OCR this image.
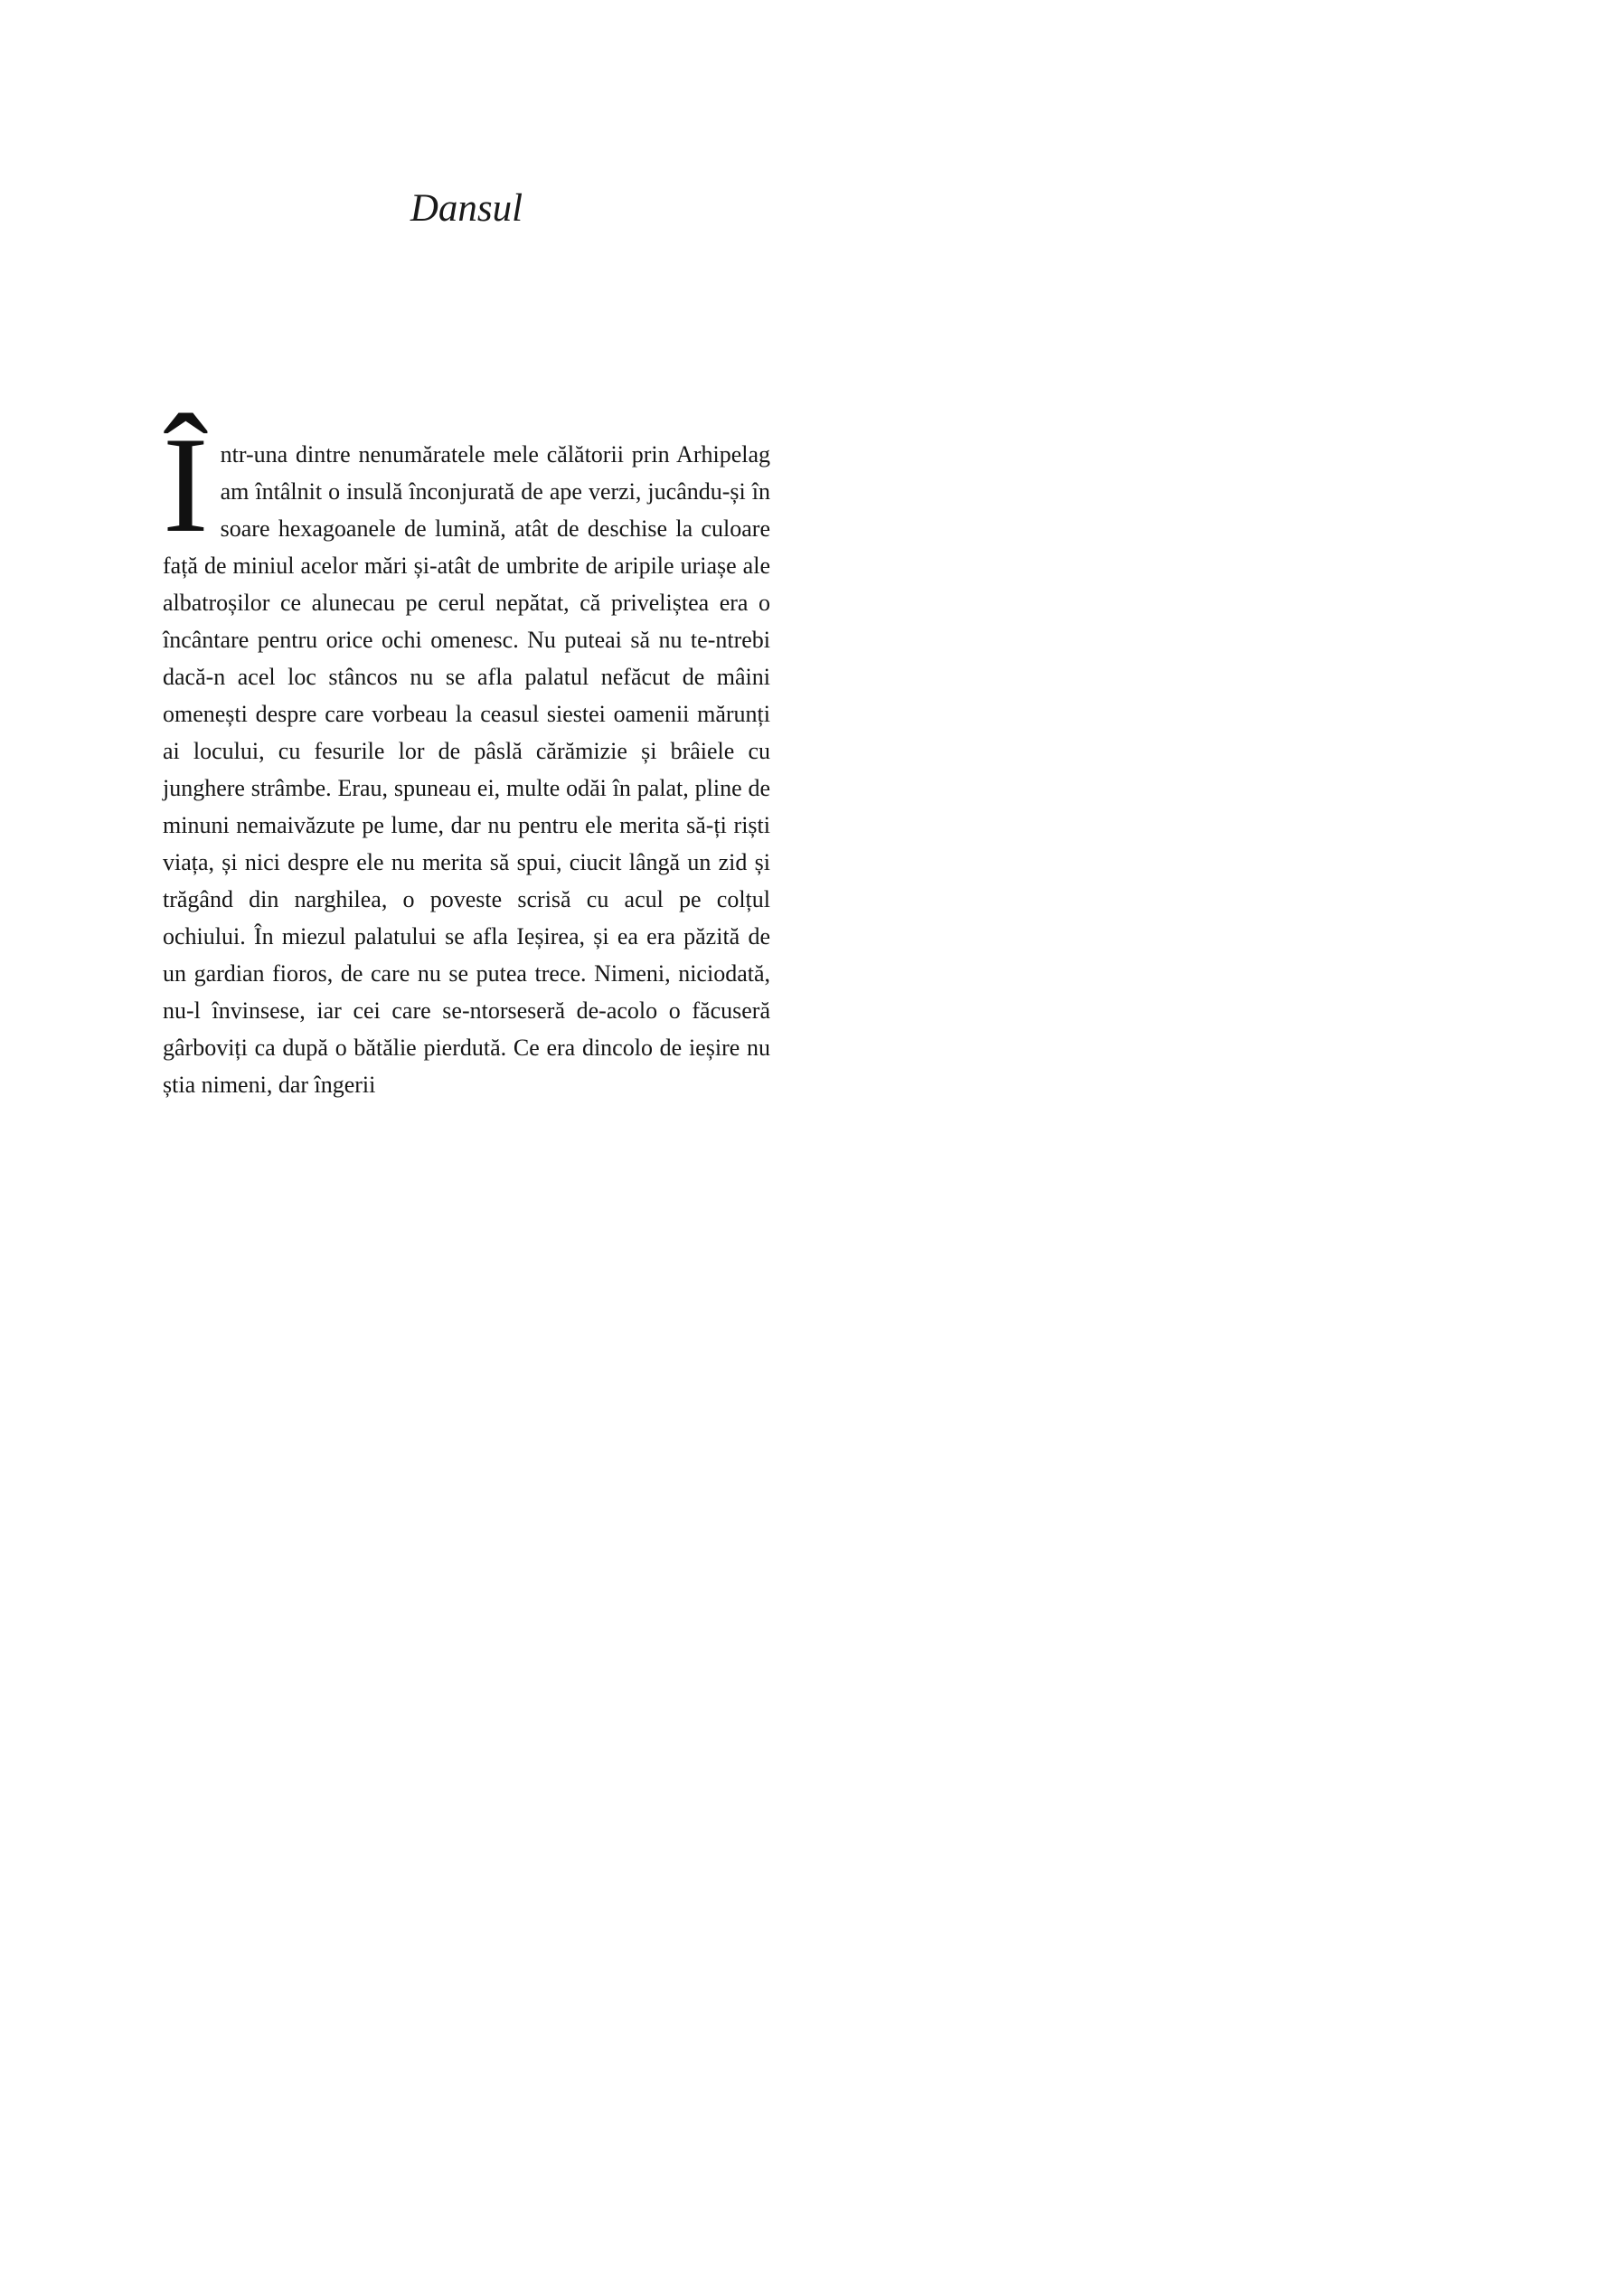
Dansul
Într-una dintre nenumăratele mele călătorii prin Arhipelag am întâlnit o insulă înconjurată de ape verzi, jucându-și în soare hexagoanele de lumină, atât de deschise la culoare față de miniul acelor mări și-atât de umbrite de aripile uriașe ale albatroșilor ce alunecau pe cerul nepătat, că priveliștea era o încântare pentru orice ochi omenesc. Nu puteai să nu te-ntrebi dacă-n acel loc stâncos nu se afla palatul nefăcut de mâini omenești despre care vorbeau la ceasul siestei oamenii mărunți ai locului, cu fesurile lor de pâslă cărămizie și brâiele cu junghere strâmbe. Erau, spuneau ei, multe odăi în palat, pline de minuni nemaivăzute pe lume, dar nu pentru ele merita să-ți riști viața, și nici despre ele nu merita să spui, ciucit lângă un zid și trăgând din narghilea, o poveste scrisă cu acul pe colțul ochiului. În miezul palatului se afla Ieșirea, și ea era păzită de un gardian fioros, de care nu se putea trece. Nimeni, niciodată, nu-l învinsese, iar cei care se-ntorseseră de-acolo o făcuseră gârboviți ca după o bătălie pierdută. Ce era dincolo de ieșire nu știa nimeni, dar îngerii
